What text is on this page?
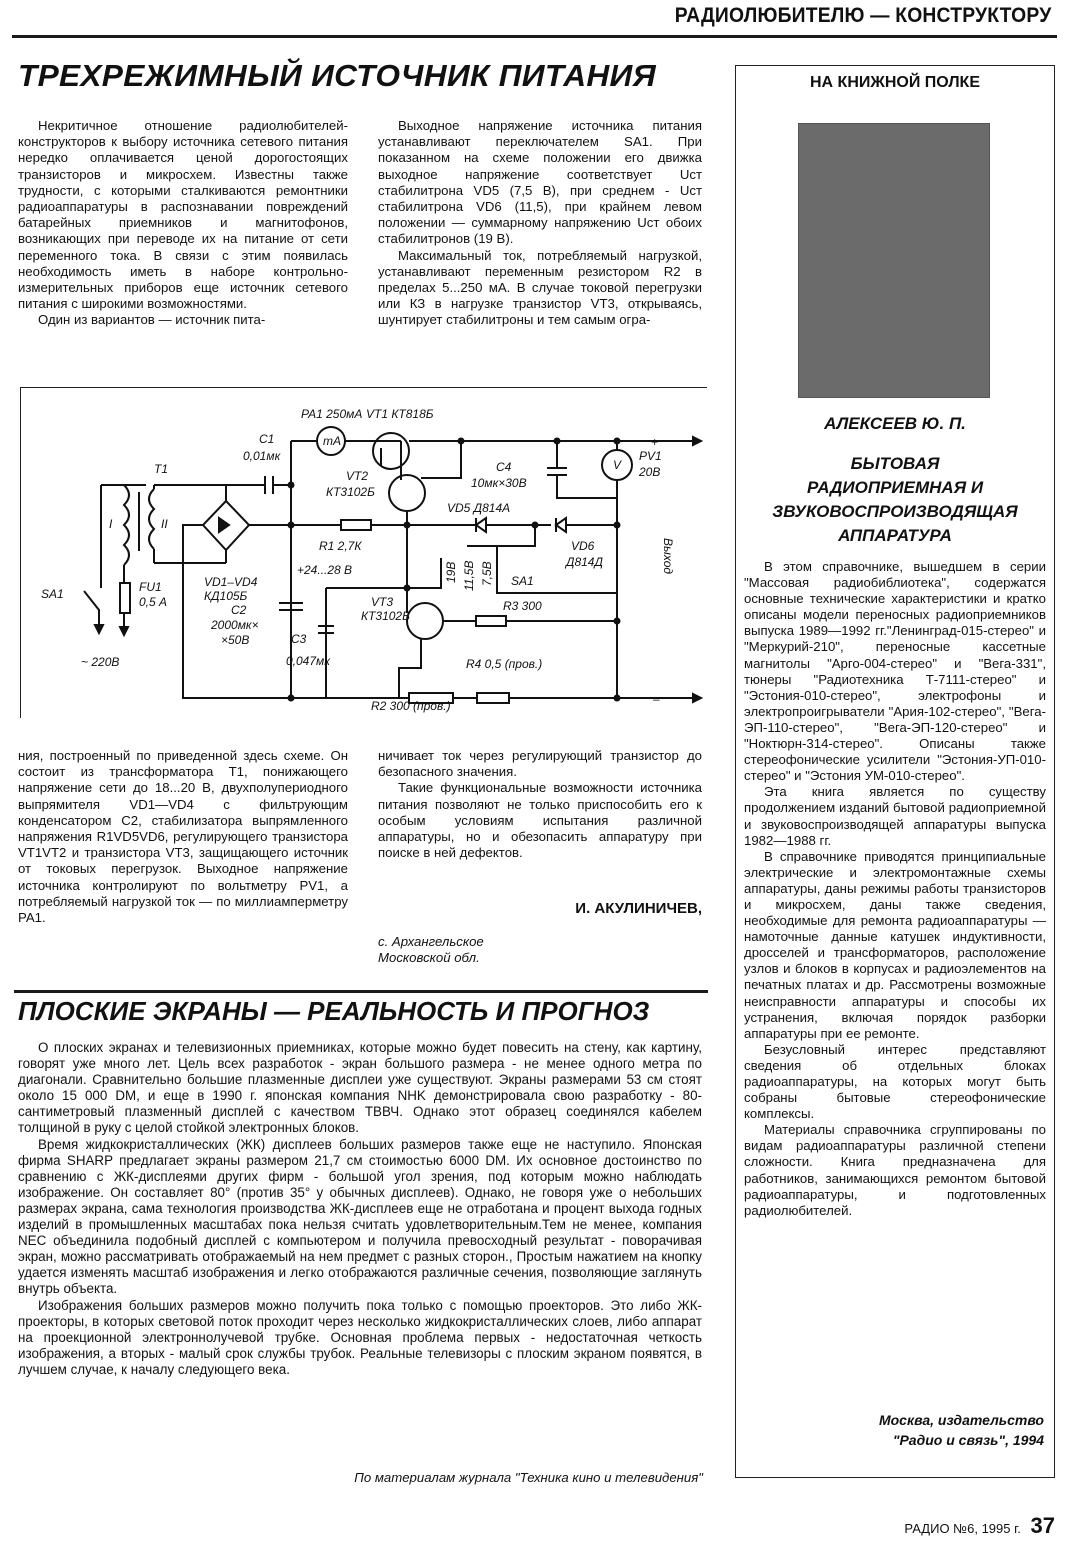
РАДИОЛЮБИТЕЛЮ — КОНСТРУКТОРУ
ТРЕХРЕЖИМНЫЙ ИСТОЧНИК ПИТАНИЯ

Некритичное отношение радиолюбителей-конструкторов к выбору источника сетевого питания нередко оплачивается ценой дорогостоящих транзисторов и микросхем. Известны также трудности, с которыми сталкиваются ремонтники радиоаппаратуры в распознавании повреждений батарейных приемников и магнитофонов, возникающих при переводе их на питание от сети переменного тока. В связи с этим появилась необходимость иметь в наборе контрольно-измерительных приборов еще источник сетевого питания с широкими возможностями.

Один из вариантов — источник пита-

Выходное напряжение источника питания устанавливают переключателем SA1. При показанном на схеме положении его движка выходное напряжение соответствует Uст стабилитрона VD5 (7,5 В), при среднем - Uст стабилитрона VD6 (11,5), при крайнем левом положении — суммарному напряжению Uст обоих стабилитронов (19 В).

Максимальный ток, потребляемый нагрузкой, устанавливают переменным резистором R2 в пределах 5...250 мА. В случае токовой перегрузки или КЗ в нагрузке транзистор VT3, открываясь, шунтирует стабилитроны и тем самым огра-

PA1 250мА VT1 КТ818Б
mA
C1
0,01мк
T1
I	II
VT2
КТ3102Б
C4
10мк×30В
V
PV1
20В
VD5 Д814А
VD6
Д814Д
R1 2,7К
+24...28 В
VD1–VD4
КД105Б
C2
2000мк×
×50В
SA1	FU1
0,5 А
~ 220В
19В 11,5В 7,5В SA1
VT3
КТ3102Б
R3 300
C3
0,047мк	R4 0,5 (пров.)
R2 300 (пров.)
Выход
+
–

ния, построенный по приведенной здесь схеме. Он состоит из трансформатора T1, понижающего напряжение сети до 18...20 В, двухполупериодного выпрямителя VD1—VD4 с фильтрующим конденсатором C2, стабилизатора выпрямленного напряжения R1VD5VD6, регулирующего транзистора VT1VT2 и транзистора VT3, защищающего источник от токовых перегрузок. Выходное напряжение источника контролируют по вольтметру PV1, а потребляемый нагрузкой ток — по миллиамперметру PA1.

ничивает ток через регулирующий транзистор до безопасного значения.

Такие функциональные возможности источника питания позволяют не только приспособить его к особым условиям испытания различной аппаратуры, но и обезопасить аппаратуру при поиске в ней дефектов.

И. АКУЛИНИЧЕВ,
с. Архангельское
Московской обл.
ПЛОСКИЕ ЭКРАНЫ — РЕАЛЬНОСТЬ И ПРОГНОЗ

О плоских экранах и телевизионных приемниках, которые можно будет повесить на стену, как картину, говорят уже много лет. Цель всех разработок - экран большого размера - не менее одного метра по диагонали. Сравнительно большие плазменные дисплеи уже существуют. Экраны размерами 53 см стоят около 15 000 DM, и еще в 1990 г. японская компания NHK демонстрировала свою разработку - 80-сантиметровый плазменный дисплей с качеством ТВВЧ. Однако этот образец соединялся кабелем толщиной в руку с целой стойкой электронных блоков.

Время жидкокристаллических (ЖК) дисплеев больших размеров также еще не наступило. Японская фирма SHARP предлагает экраны размером 21,7 см стоимостью 6000 DM. Их основное достоинство по сравнению с ЖК-дисплеями других фирм - большой угол зрения, под которым можно наблюдать изображение. Он составляет 80° (против 35° у обычных дисплеев). Однако, не говоря уже о небольших размерах экрана, сама технология производства ЖК-дисплеев еще не отработана и процент выхода годных изделий в промышленных масштабах пока нельзя считать удовлетворительным.Тем не менее, компания NEC объединила подобный дисплей с компьютером и получила превосходный результат - поворачивая экран, можно рассматривать отображаемый на нем предмет с разных сторон., Простым нажатием на кнопку удается изменять масштаб изображения и легко отображаются различные сечения, позволяющие заглянуть внутрь объекта.

Изображения больших размеров можно получить пока только с помощью проекторов. Это либо ЖК-проекторы, в которых световой поток проходит через несколько жидкокристаллических слоев, либо аппарат на проекционной электроннолучевой трубке. Основная проблема первых - недостаточная четкость изображения, а вторых - малый срок службы трубок. Реальные телевизоры с плоским экраном появятся, в лучшем случае, к началу следующего века.

По материалам журнала "Техника кино и телевидения"
НА КНИЖНОЙ ПОЛКЕ
АЛЕКСЕЕВ Ю. П.
БЫТОВАЯ
РАДИОПРИЕМНАЯ И
ЗВУКОВОСПРОИЗВОДЯЩАЯ
АППАРАТУРА

В этом справочнике, вышедшем в серии "Массовая радиобиблиотека", содержатся основные технические характеристики и кратко описаны модели переносных радиоприемников выпуска 1989—1992 гг."Ленинград-015-стерео" и "Меркурий-210", переносные кассетные магнитолы "Арго-004-стерео" и "Вега-331", тюнеры "Радиотехника Т-7111-стерео" и "Эстония-010-стерео", электрофоны и электропроигрыватели "Ария-102-стерео", "Вега-ЭП-110-стерео", "Вега-ЭП-120-стерео" и "Ноктюрн-314-стерео". Описаны также стереофонические усилители "Эстония-УП-010-стерео" и "Эстония УМ-010-стерео".

Эта книга является по существу продолжением изданий бытовой радиоприемной и звуковоспроизводящей аппаратуры выпуска 1982—1988 гг.

В справочнике приводятся принципиальные электрические и электромонтажные схемы аппаратуры, даны режимы работы транзисторов и микросхем, даны также сведения, необходимые для ремонта радиоаппаратуры — намоточные данные катушек индуктивности, дросселей и трансформаторов, расположение узлов и блоков в корпусах и радиоэлементов на печатных платах и др. Рассмотрены возможные неисправности аппаратуры и способы их устранения, включая порядок разборки аппаратуры при ее ремонте.

Безусловный интерес представляют сведения об отдельных блоках радиоаппаратуры, на которых могут быть собраны бытовые стереофонические комплексы.

Материалы справочника сгруппированы по видам радиоаппаратуры различной степени сложности. Книга предназначена для работников, занимающихся ремонтом бытовой радиоаппаратуры, и подготовленных радиолюбителей.

Москва, издательство
"Радио и связь", 1994
РАДИО №6, 1995 г. 37
